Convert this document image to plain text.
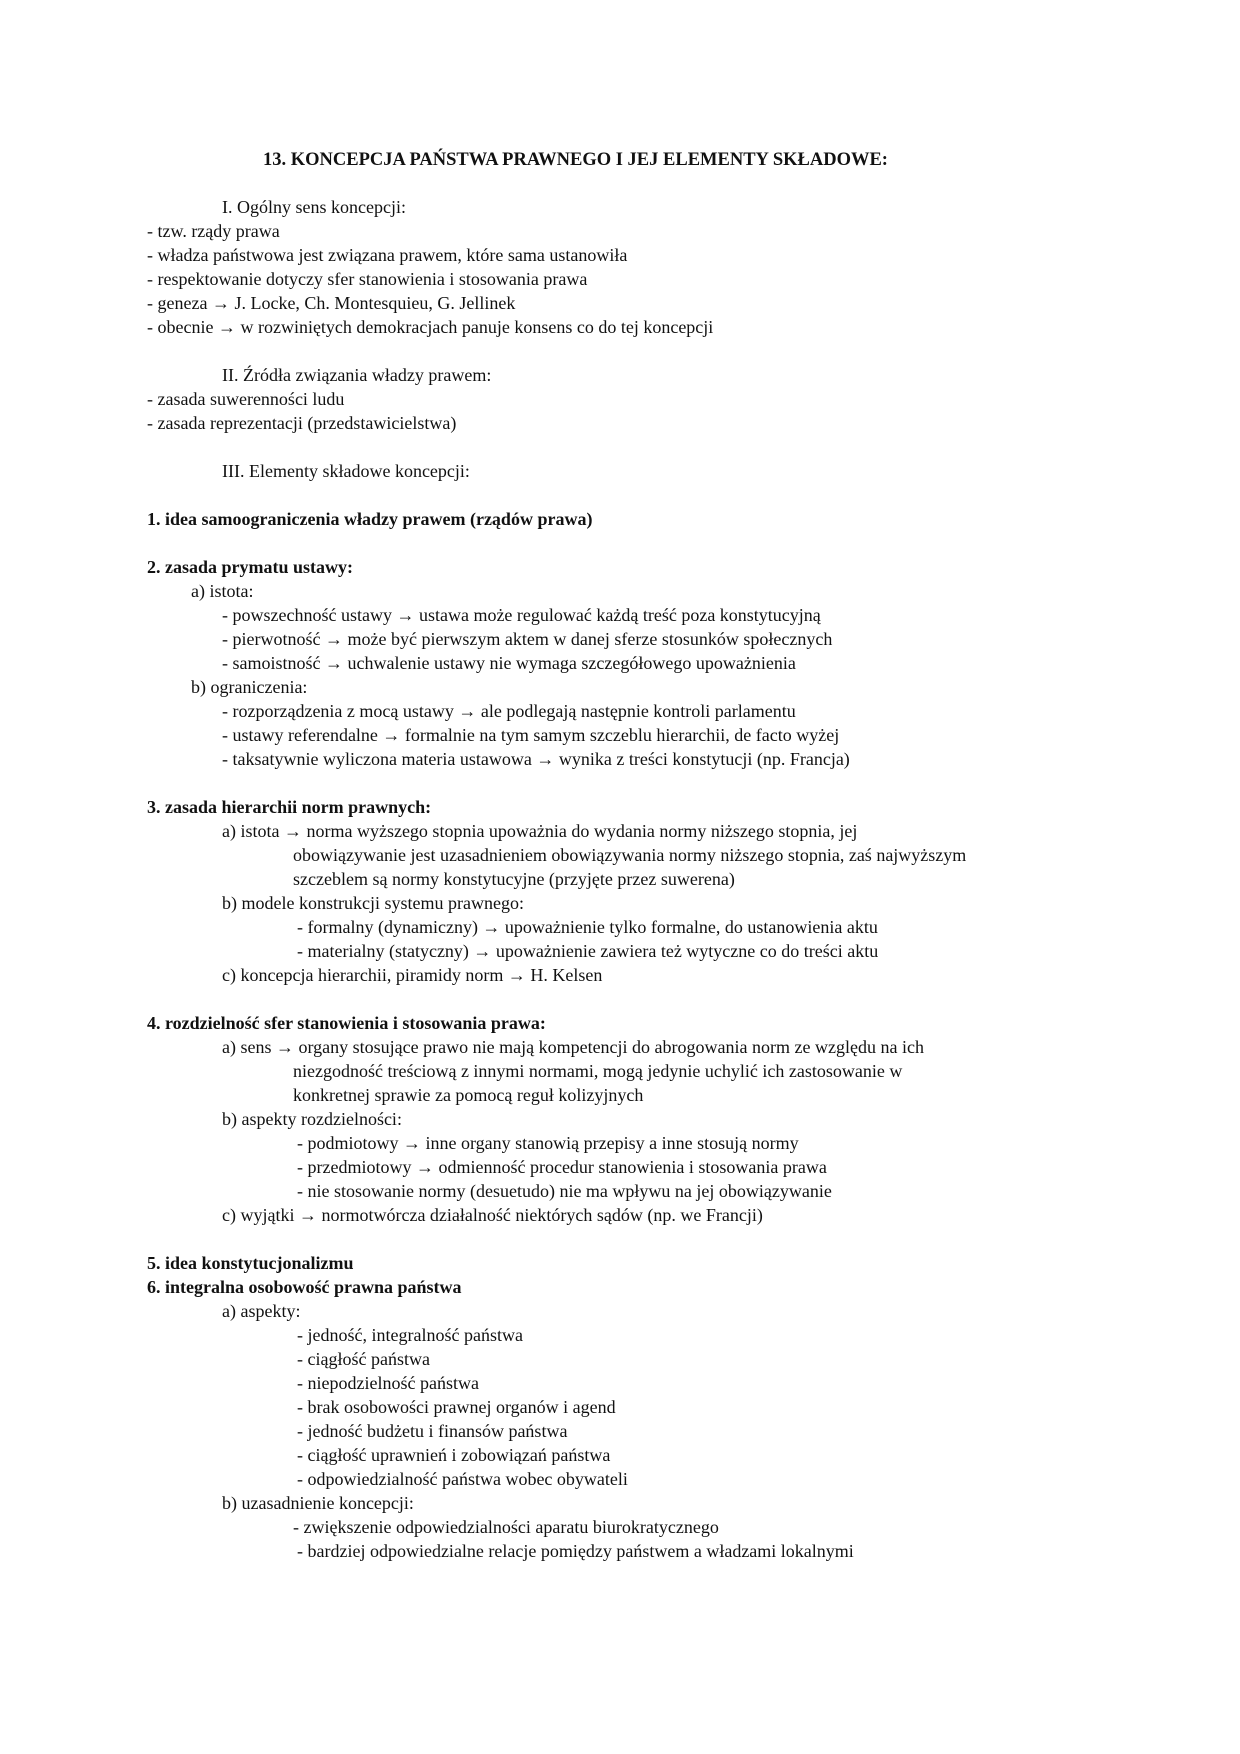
13. KONCEPCJA PAŃSTWA PRAWNEGO I JEJ ELEMENTY SKŁADOWE:
I. Ogólny sens koncepcji:
- tzw. rządy prawa
- władza państwowa jest związana prawem, które sama ustanowiła
- respektowanie dotyczy sfer stanowienia i stosowania prawa
- geneza → J. Locke, Ch. Montesquieu, G. Jellinek
- obecnie → w rozwiniętych demokracjach panuje konsens co do tej koncepcji
II. Źródła związania władzy prawem:
- zasada suwerenności ludu
- zasada reprezentacji (przedstawicielstwa)
III. Elementy składowe koncepcji:
1. idea samoograniczenia władzy prawem (rządów prawa)
2. zasada prymatu ustawy:
a) istota:
- powszechność ustawy → ustawa może regulować każdą treść poza konstytucyjną
- pierwotność → może być pierwszym aktem w danej sferze stosunków społecznych
- samoistność → uchwalenie ustawy nie wymaga szczegółowego upoważnienia
b) ograniczenia:
- rozporządzenia z mocą ustawy → ale podlegają następnie kontroli parlamentu
- ustawy referendalne → formalnie na tym samym szczeblu hierarchii, de facto wyżej
- taksatywnie wyliczona materia ustawowa → wynika z treści konstytucji (np. Francja)
3. zasada hierarchii norm prawnych:
a) istota → norma wyższego stopnia upoważnia do wydania normy niższego stopnia, jej
obowiązywanie jest uzasadnieniem obowiązywania normy niższego stopnia, zaś najwyższym
szczeblem są normy konstytucyjne (przyjęte przez suwerena)
b) modele konstrukcji systemu prawnego:
- formalny (dynamiczny) → upoważnienie tylko formalne, do ustanowienia aktu
- materialny (statyczny) → upoważnienie zawiera też wytyczne co do treści aktu
c) koncepcja hierarchii, piramidy norm → H. Kelsen
4. rozdzielność sfer stanowienia i stosowania prawa:
a) sens → organy stosujące prawo nie mają kompetencji do abrogowania norm ze względu na ich
niezgodność treściową z innymi normami, mogą jedynie uchylić ich zastosowanie w
konkretnej sprawie za pomocą reguł kolizyjnych
b) aspekty rozdzielności:
- podmiotowy → inne organy stanowią przepisy a inne stosują normy
- przedmiotowy → odmienność procedur stanowienia i stosowania prawa
- nie stosowanie normy (desuetudo) nie ma wpływu na jej obowiązywanie
c) wyjątki → normotwórcza działalność niektórych sądów (np. we Francji)
5. idea konstytucjonalizmu
6. integralna osobowość prawna państwa
a) aspekty:
- jedność, integralność państwa
- ciągłość państwa
- niepodzielność państwa
- brak osobowości prawnej organów i agend
- jedność budżetu i finansów państwa
- ciągłość uprawnień i zobowiązań państwa
- odpowiedzialność państwa wobec obywateli
b) uzasadnienie koncepcji:
- zwiększenie odpowiedzialności aparatu biurokratycznego
- bardziej odpowiedzialne relacje pomiędzy państwem a władzami lokalnymi
